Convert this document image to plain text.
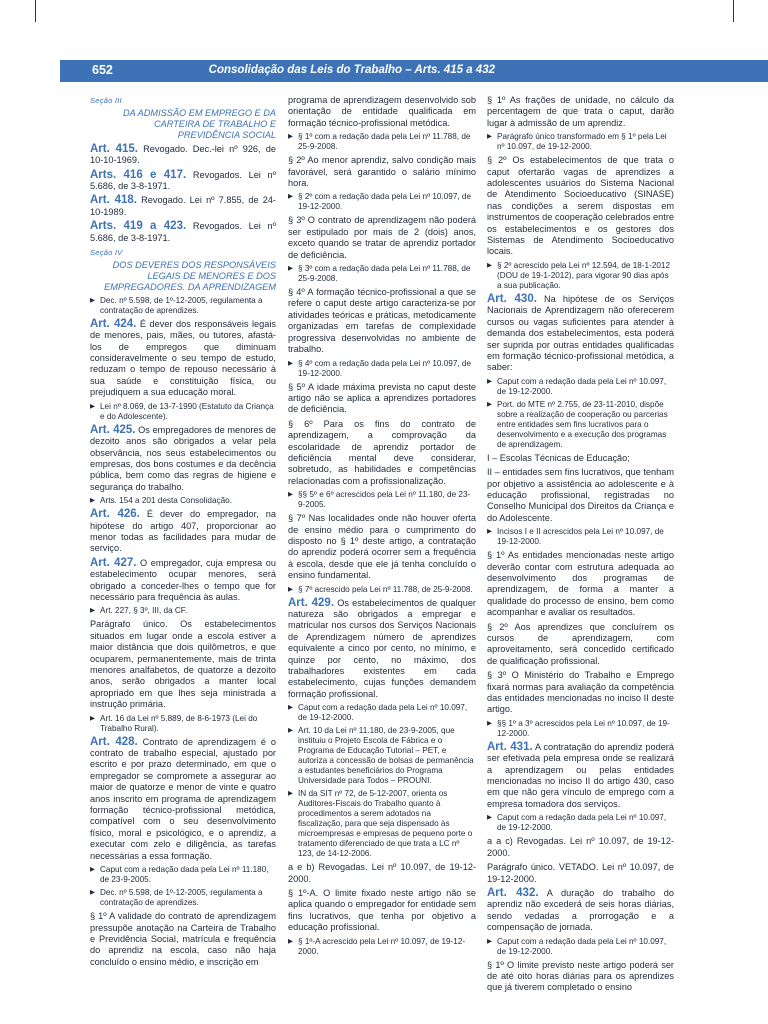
652	Consolidação das Leis do Trabalho – Arts. 415 a 432

Seção III

DA ADMISSÃO EM EMPREGO E DA CARTEIRA DE TRABALHO E PREVIDÊNCIA SOCIAL

Art. 415. Revogado. Dec.-lei nº 926, de 10-10-1969.

Arts. 416 e 417. Revogados. Lei nº 5.686, de 3-8-1971.

Art. 418. Revogado. Lei nº 7.855, de 24-10-1989.

Arts. 419 a 423. Revogados. Lei nº 5.686, de 3-8-1971.

Seção IV

DOS DEVERES DOS RESPONSÁVEIS LEGAIS DE MENORES E DOS EMPREGADORES. DA APRENDIZAGEM

▶ Dec. nº 5.598, de 1º-12-2005, regulamenta a contratação de aprendizes.

Art. 424. É dever dos responsáveis legais de menores, pais, mães, ou tutores, afastá-los de empregos que diminuam consideravelmente o seu tempo de estudo, reduzam o tempo de repouso necessário à sua saúde e constituição física, ou prejudiquem a sua educação moral.

▶ Lei nº 8.069, de 13-7-1990 (Estatuto da Criança e do Adolescente).

Art. 425. Os empregadores de menores de dezoito anos são obrigados a velar pela observância, nos seus estabelecimentos ou empresas, dos bons costumes e da decência pública, bem como das regras de higiene e segurança do trabalho.

▶ Arts. 154 a 201 desta Consolidação.

Art. 426. É dever do empregador, na hipótese do artigo 407, proporcionar ao menor todas as facilidades para mudar de serviço.

Art. 427. O empregador, cuja empresa ou estabelecimento ocupar menores, será obrigado a conceder-lhes o tempo que for necessário para frequência às aulas.

▶ Art. 227, § 3º, III, da CF.

Parágrafo único. Os estabelecimentos situados em lugar onde a escola estiver a maior distância que dois quilômetros, e que ocuparem, permanentemente, mais de trinta menores analfabetos, de quatorze a dezoito anos, serão obrigados a manter local apropriado em que lhes seja ministrada a instrução primária.

▶ Art. 16 da Lei nº 5.889, de 8-6-1973 (Lei do Trabalho Rural).

Art. 428. Contrato de aprendizagem é o contrato de trabalho especial, ajustado por escrito e por prazo determinado, em que o empregador se compromete a assegurar ao maior de quatorze e menor de vinte e quatro anos inscrito em programa de aprendizagem formação técnico-profissional metódica, compatível com o seu desenvolvimento físico, moral e psicológico, e o aprendiz, a executar com zelo e diligência, as tarefas necessárias a essa formação.

▶ Caput com a redação dada pela Lei nº 11.180, de 23-9-2005.

▶ Dec. nº 5.598, de 1º-12-2005, regulamenta a contratação de aprendizes.

§ 1º A validade do contrato de aprendizagem pressupõe anotação na Carteira de Trabalho e Previdência Social, matrícula e frequência do aprendiz na escola, caso não haja concluído o ensino médio, e inscrição em

programa de aprendizagem desenvolvido sob orientação de entidade qualificada em formação técnico-profissional metódica.

▶ § 1º com a redação dada pela Lei nº 11.788, de 25-9-2008.

§ 2º Ao menor aprendiz, salvo condição mais favorável, será garantido o salário mínimo hora.

▶ § 2º com a redação dada pela Lei nº 10.097, de 19-12-2000.

§ 3º O contrato de aprendizagem não poderá ser estipulado por mais de 2 (dois) anos, exceto quando se tratar de aprendiz portador de deficiência.

▶ § 3º com a redação dada pela Lei nº 11.788, de 25-9-2008.

§ 4º A formação técnico-profissional a que se refere o caput deste artigo caracteriza-se por atividades teóricas e práticas, metodicamente organizadas em tarefas de complexidade progressiva desenvolvidas no ambiente de trabalho.

▶ § 4º com a redação dada pela Lei nº 10.097, de 19-12-2000.

§ 5º A idade máxima prevista no caput deste artigo não se aplica a aprendizes portadores de deficiência.

§ 6º Para os fins do contrato de aprendizagem, a comprovação da escolaridade de aprendiz portador de deficiência mental deve considerar, sobretudo, as habilidades e competências relacionadas com a profissionalização.

▶ §§ 5º e 6º acrescidos pela Lei nº 11.180, de 23-9-2005.

§ 7º Nas localidades onde não houver oferta de ensino médio para o cumprimento do disposto no § 1º deste artigo, a contratação do aprendiz poderá ocorrer sem a frequência à escola, desde que ele já tenha concluído o ensino fundamental.

▶ § 7º acrescido pela Lei nº 11.788, de 25-9-2008.

Art. 429. Os estabelecimentos de qualquer natureza são obrigados a empregar e matricular nos cursos dos Serviços Nacionais de Aprendizagem número de aprendizes equivalente a cinco por cento, no mínimo, e quinze por cento, no máximo, dos trabalhadores existentes em cada estabelecimento, cujas funções demandem formação profissional.

▶ Caput com a redação dada pela Lei nº 10.097, de 19-12-2000.

▶ Art. 10 da Lei nº 11.180, de 23-9-2005, que instituiu o Projeto Escola de Fábrica e o Programa de Educação Tutorial – PET, e autoriza a concessão de bolsas de permanência a estudantes beneficiários do Programa Universidade para Todos – PROUNI.

▶ IN da SIT nº 72, de 5-12-2007, orienta os Auditores-Fiscais do Trabalho quanto à procedimentos a serem adotados na fiscalização, para que seja dispensado às microempresas e empresas de pequeno porte o tratamento diferenciado de que trata a LC nº 123, de 14-12-2006.

a e b) Revogadas. Lei nº 10.097, de 19-12-2000.

§ 1º-A. O limite fixado neste artigo não se aplica quando o empregador for entidade sem fins lucrativos, que tenha por objetivo a educação profissional.

▶ § 1º-A acrescido pela Lei nº 10.097, de 19-12-2000.

§ 1º As frações de unidade, no cálculo da percentagem de que trata o caput, darão lugar à admissão de um aprendiz.

▶ Parágrafo único transformado em § 1º pela Lei nº 10.097, de 19-12-2000.

§ 2º Os estabelecimentos de que trata o caput ofertarão vagas de aprendizes a adolescentes usuários do Sistema Nacional de Atendimento Socioeducativo (SINASE) nas condições a serem dispostas em instrumentos de cooperação celebrados entre os estabelecimentos e os gestores dos Sistemas de Atendimento Socioeducativo locais.

▶ § 2º acrescido pela Lei nº 12.594, de 18-1-2012 (DOU de 19-1-2012), para vigorar 90 dias após a sua publicação.

Art. 430. Na hipótese de os Serviços Nacionais de Aprendizagem não oferecerem cursos ou vagas suficientes para atender à demanda dos estabelecimentos, esta poderá ser suprida por outras entidades qualificadas em formação técnico-profissional metódica, a saber:

▶ Caput com a redação dada pela Lei nº 10.097, de 19-12-2000.

▶ Port. do MTE nº 2.755, de 23-11-2010, dispõe sobre a realização de cooperação ou parcerias entre entidades sem fins lucrativos para o desenvolvimento e a execução dos programas de aprendizagem.

I – Escolas Técnicas de Educação;

II – entidades sem fins lucrativos, que tenham por objetivo a assistência ao adolescente e à educação profissional, registradas no Conselho Municipal dos Direitos da Criança e do Adolescente.

▶ Incisos I e II acrescidos pela Lei nº 10.097, de 19-12-2000.

§ 1º As entidades mencionadas neste artigo deverão contar com estrutura adequada ao desenvolvimento dos programas de aprendizagem, de forma a manter a qualidade do processo de ensino, bem como acompanhar e avaliar os resultados.

§ 2º Aos aprendizes que concluírem os cursos de aprendizagem, com aproveitamento, será concedido certificado de qualificação profissional.

§ 3º O Ministério do Trabalho e Emprego fixará normas para avaliação da competência das entidades mencionadas no inciso II deste artigo.

▶ §§ 1º a 3º acrescidos pela Lei nº 10.097, de 19-12-2000.

Art. 431. A contratação do aprendiz poderá ser efetivada pela empresa onde se realizará a aprendizagem ou pelas entidades mencionadas no inciso II do artigo 430, caso em que não gera vínculo de emprego com a empresa tomadora dos serviços.

▶ Caput com a redação dada pela Lei nº 10.097, de 19-12-2000.

a a c) Revogadas. Lei nº 10.097, de 19-12-2000.

Parágrafo único. VETADO. Lei nº 10.097, de 19-12-2000.

Art. 432. A duração do trabalho do aprendiz não excederá de seis horas diárias, sendo vedadas a prorrogação e a compensação de jornada.

▶ Caput com a redação dada pela Lei nº 10.097, de 19-12-2000.

§ 1º O limite previsto neste artigo poderá ser de até oito horas diárias para os aprendizes que já tiverem completado o ensino
